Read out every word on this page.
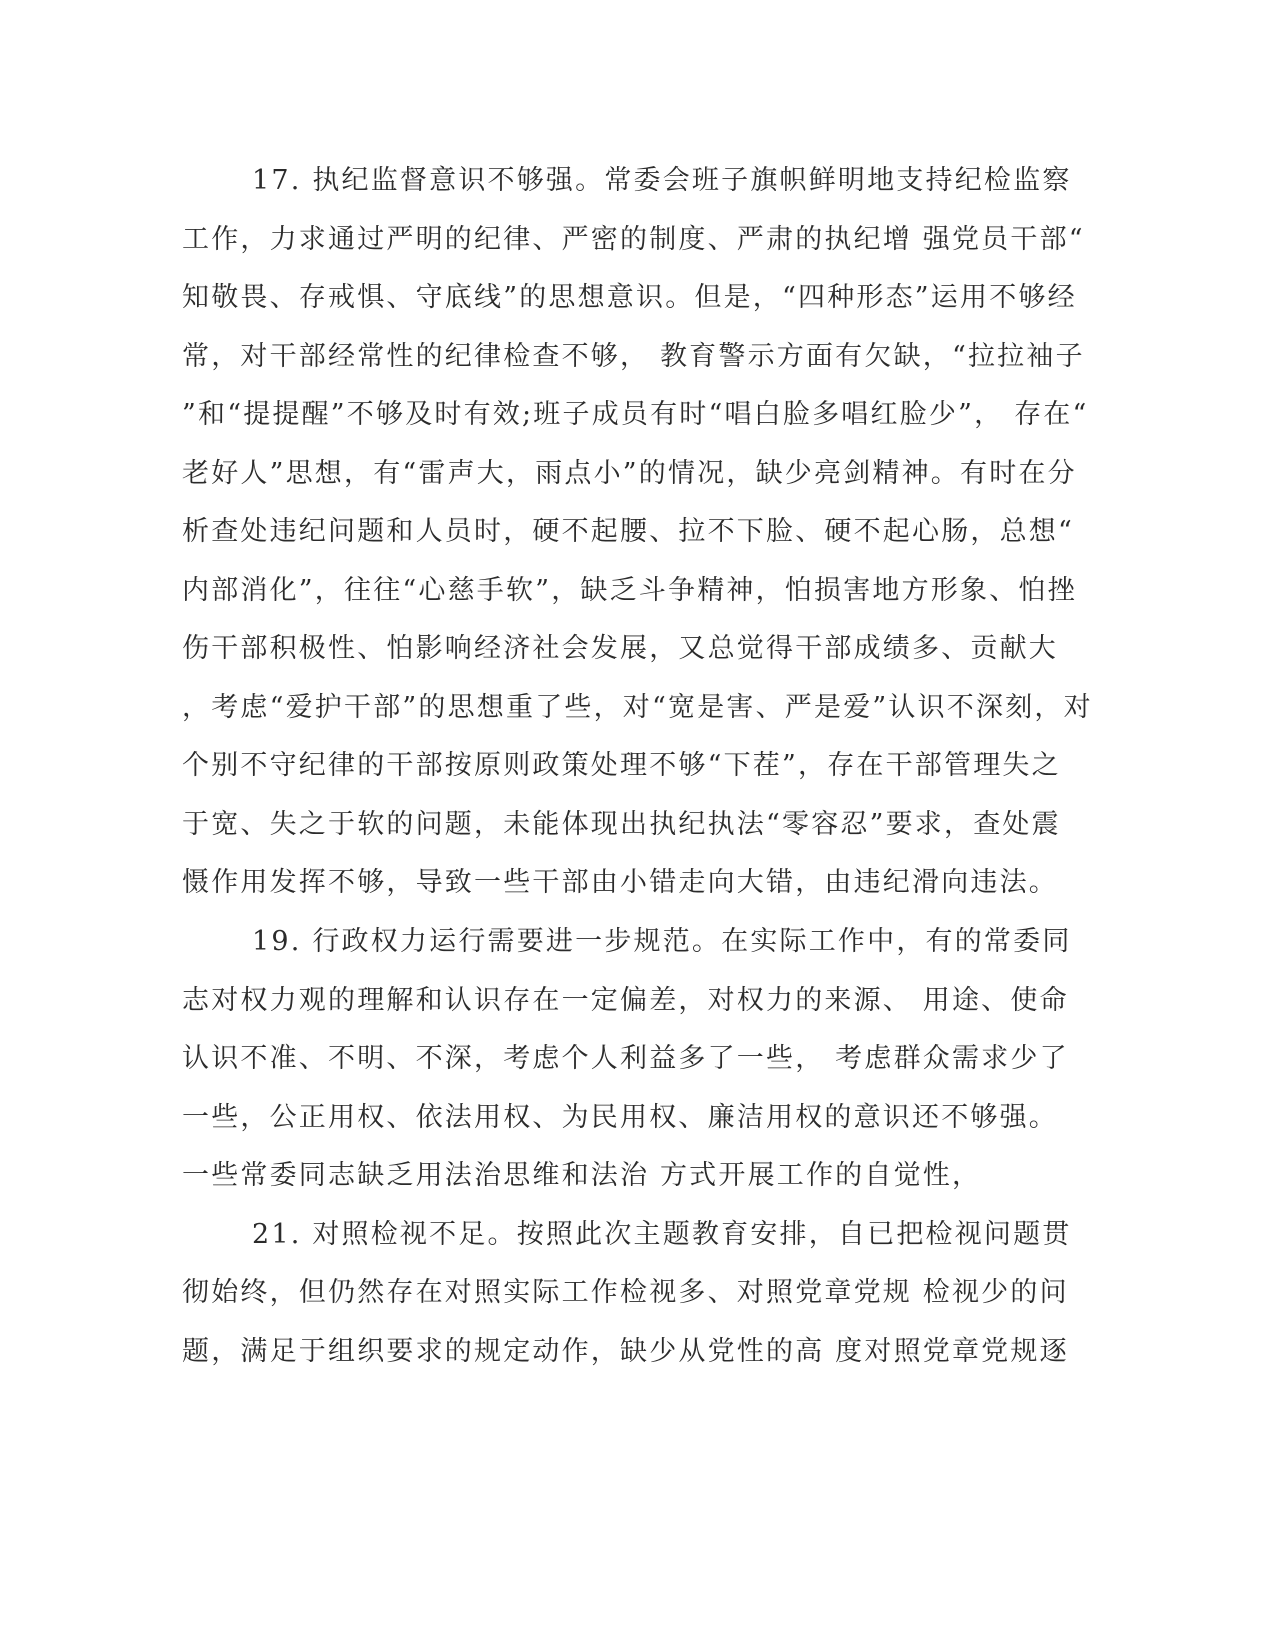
17. 执纪监督意识不够强。常委会班子旗帜鲜明地支持纪检监察
工作，力求通过严明的纪律、严密的制度、严肃的执纪增 强党员干部“
知敬畏、存戒惧、守底线”的思想意识。但是，“四种形态”运用不够经
常，对干部经常性的纪律检查不够， 教育警示方面有欠缺，“拉拉袖子
”和“提提醒”不够及时有效;班子成员有时“唱白脸多唱红脸少”， 存在“
老好人”思想，有“雷声大，雨点小”的情况，缺少亮剑精神。有时在分
析查处违纪问题和人员时，硬不起腰、拉不下脸、硬不起心肠，总想“
内部消化”，往往“心慈手软”，缺乏斗争精神，怕损害地方形象、怕挫
伤干部积极性、怕影响经济社会发展，又总觉得干部成绩多、贡献大
，考虑“爱护干部”的思想重了些，对“宽是害、严是爱”认识不深刻，对
个别不守纪律的干部按原则政策处理不够“下茬”，存在干部管理失之
于宽、失之于软的问题，未能体现出执纪执法“零容忍”要求，查处震
慑作用发挥不够，导致一些干部由小错走向大错，由违纪滑向违法。
19. 行政权力运行需要进一步规范。在实际工作中，有的常委同
志对权力观的理解和认识存在一定偏差，对权力的来源、 用途、使命
认识不准、不明、不深，考虑个人利益多了一些， 考虑群众需求少了
一些，公正用权、依法用权、为民用权、廉洁用权的意识还不够强。
一些常委同志缺乏用法治思维和法治 方式开展工作的自觉性，
21. 对照检视不足。按照此次主题教育安排，自已把检视问题贯
彻始终，但仍然存在对照实际工作检视多、对照党章党规 检视少的问
题，满足于组织要求的规定动作，缺少从党性的高 度对照党章党规逐
